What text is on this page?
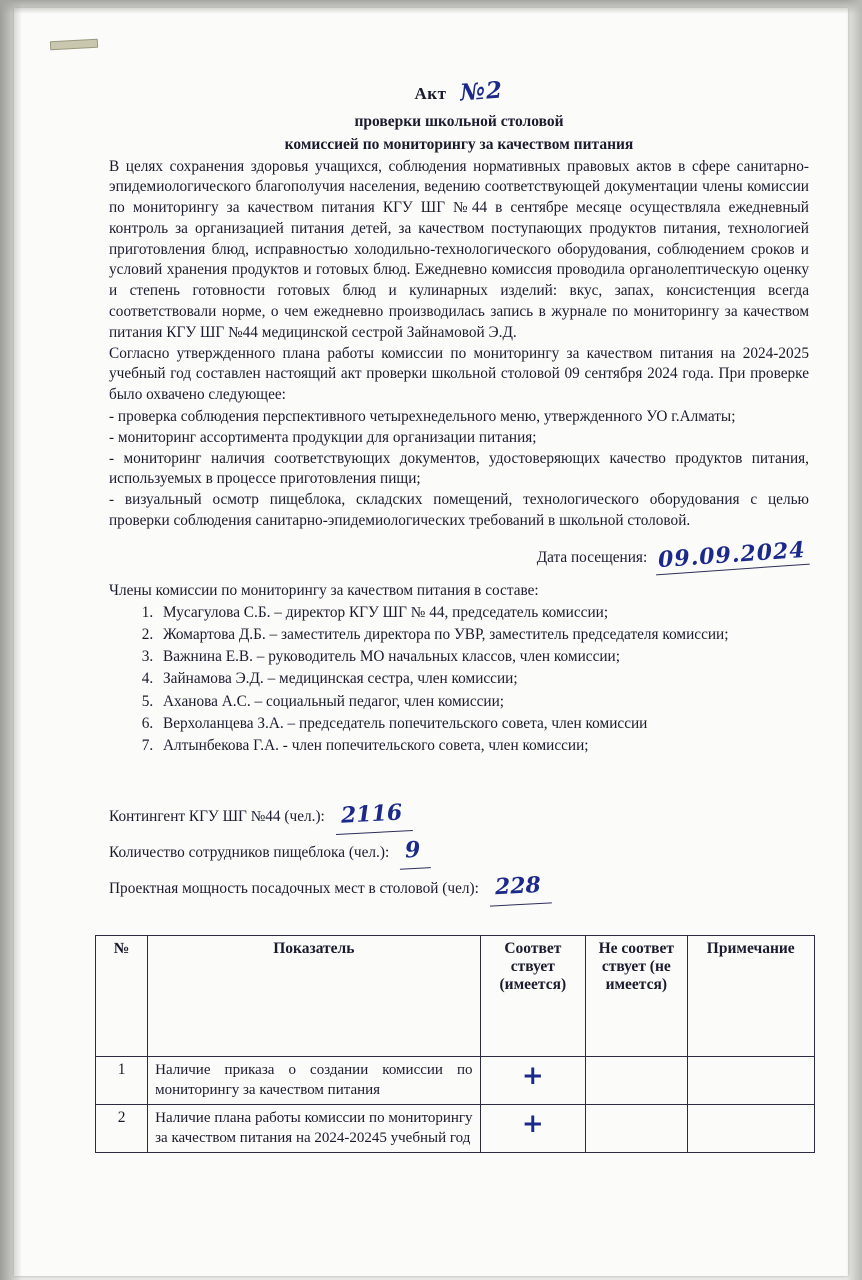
Акт №2
проверки школьной столовой
комиссией по мониторингу за качеством питания

В целях сохранения здоровья учащихся, соблюдения нормативных правовых актов в сфере санитарно-эпидемиологического благополучия населения, ведению соответствующей документации члены комиссии по мониторингу за качеством питания КГУ ШГ №44 в сентябре месяце осуществляла ежедневный контроль за организацией питания детей, за качеством поступающих продуктов питания, технологией приготовления блюд, исправностью холодильно-технологического оборудования, соблюдением сроков и условий хранения продуктов и готовых блюд. Ежедневно комиссия проводила органолептическую оценку и степень готовности готовых блюд и кулинарных изделий: вкус, запах, консистенция всегда соответствовали норме, о чем ежедневно производилась запись в журнале по мониторингу за качеством питания КГУ ШГ №44 медицинской сестрой Зайнамовой Э.Д.

Согласно утвержденного плана работы комиссии по мониторингу за качеством питания на 2024-2025 учебный год составлен настоящий акт проверки школьной столовой 09 сентября 2024 года. При проверке было охвачено следующее:

- проверка соблюдения перспективного четырехнедельного меню, утвержденного УО г.Алматы;

- мониторинг ассортимента продукции для организации питания;

- мониторинг наличия соответствующих документов, удостоверяющих качество продуктов питания, используемых в процессе приготовления пищи;

- визуальный осмотр пищеблока, складских помещений, технологического оборудования с целью проверки соблюдения санитарно-эпидемиологических требований в школьной столовой.

Дата посещения: 09.09.2024
Члены комиссии по мониторингу за качеством питания в составе:
1. Мусагулова С.Б. – директор КГУ ШГ № 44, председатель комиссии;
2. Жомартова Д.Б. – заместитель директора по УВР, заместитель председателя комиссии;
3. Важнина Е.В. – руководитель МО начальных классов, член комиссии;
4. Зайнамова Э.Д. – медицинская сестра, член комиссии;
5. Аханова А.С. – социальный педагог, член комиссии;
6. Верхоланцева З.А. – председатель попечительского совета, член комиссии
7. Алтынбекова Г.А. - член попечительского совета, член комиссии;
Контингент КГУ ШГ №44 (чел.): 2116
Количество сотрудников пищеблока (чел.): 9
Проектная мощность посадочных мест в столовой (чел): 228
№	Показатель	Соответ ствует (имеется)	Не соответ ствует (не имеется)	Примечание
1	Наличие приказа о создании комиссии по мониторингу за качеством питания	+		
2	Наличие плана работы комиссии по мониторингу за качеством питания на 2024-20245 учебный год	+		
